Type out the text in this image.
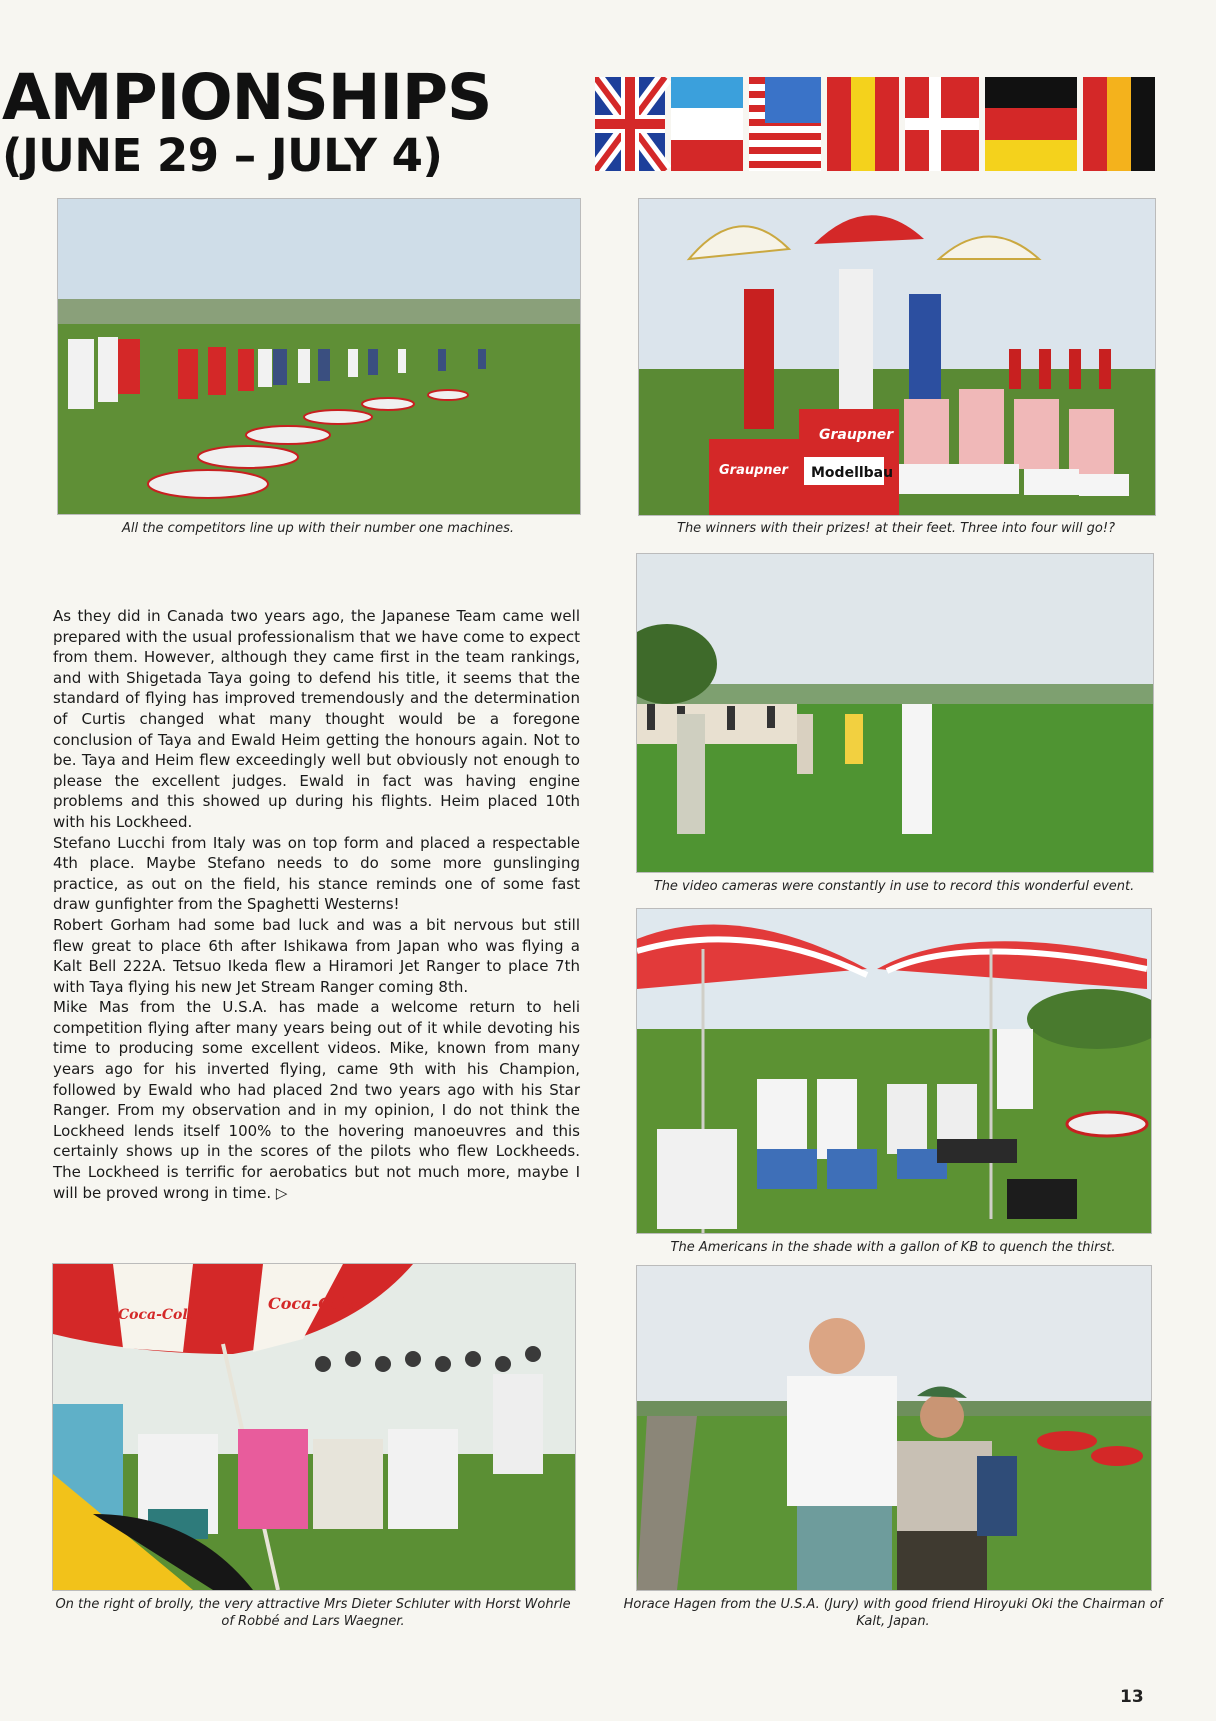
AMPIONSHIPS
(JUNE 29 – JULY 4)
All the competitors line up with their number one machines.
Graupner
Graupner Modellbau
The winners with their prizes! at their feet. Three into four will go!?

As they did in Canada two years ago, the Japanese Team came well prepared with the usual professionalism that we have come to expect from them. However, although they came first in the team rankings, and with Shigetada Taya going to defend his title, it seems that the standard of flying has improved tremendously and the determination of Curtis changed what many thought would be a foregone conclusion of Taya and Ewald Heim getting the honours again. Not to be. Taya and Heim flew exceedingly well but obviously not enough to please the excellent judges. Ewald in fact was having engine problems and this showed up during his flights. Heim placed 10th with his Lockheed.

Stefano Lucchi from Italy was on top form and placed a respectable 4th place. Maybe Stefano needs to do some more gunslinging practice, as out on the field, his stance reminds one of some fast draw gunfighter from the Spaghetti Westerns!

Robert Gorham had some bad luck and was a bit nervous but still flew great to place 6th after Ishikawa from Japan who was flying a Kalt Bell 222A. Tetsuo Ikeda flew a Hiramori Jet Ranger to place 7th with Taya flying his new Jet Stream Ranger coming 8th.

Mike Mas from the U.S.A. has made a welcome return to heli competition flying after many years being out of it while devoting his time to producing some excellent videos. Mike, known from many years ago for his inverted flying, came 9th with his Champion, followed by Ewald who had placed 2nd two years ago with his Star Ranger. From my observation and in my opinion, I do not think the Lockheed lends itself 100% to the hovering manoeuvres and this certainly shows up in the scores of the pilots who flew Lockheeds. The Lockheed is terrific for aerobatics but not much more, maybe I will be proved wrong in time. ▷

The video cameras were constantly in use to record this wonderful event.
The Americans in the shade with a gallon of KB to quench the thirst.
Coca-Cola
Coca-Cola
On the right of brolly, the very attractive Mrs Dieter Schluter with Horst Wohrle of Robbé and Lars Waegner.
Horace Hagen from the U.S.A. (Jury) with good friend Hiroyuki Oki the Chairman of Kalt, Japan.
13
